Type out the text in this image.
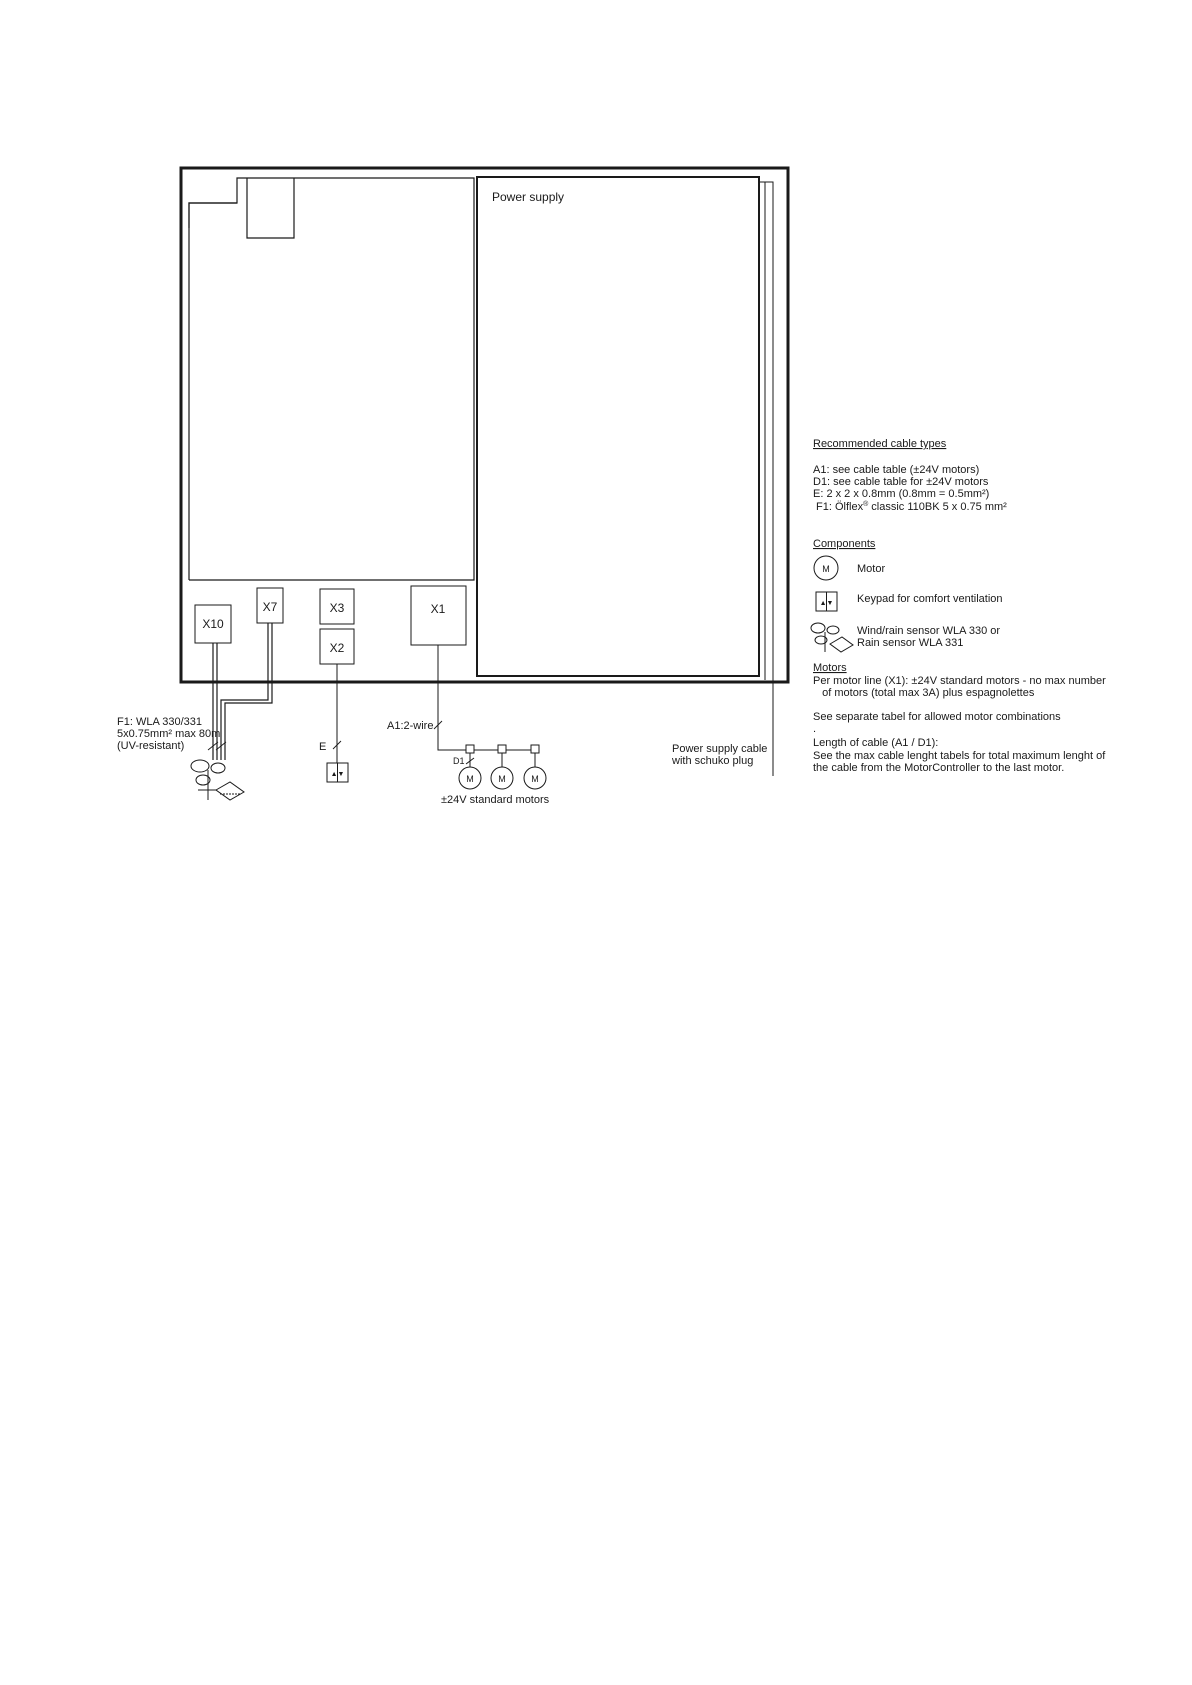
Power supply
X10
X7	X3
X2
X1
F1: WLA 330/331
5x0.75mm² max 80m
(UV-resistant)	E
A1:2-wire
D1
M	M	M
±24V standard motors
▲▼
Power supply cable
with schuko plug
Recommended cable types
A1: see cable table (±24V motors)
D1: see cable table for ±24V motors
E: 2 x 2 x 0.8mm (0.8mm = 0.5mm²)
F1: Ölflex® classic 110BK 5 x 0.75 mm²
Components
M Motor
▲▼ Keypad for comfort ventilation
Wind/rain sensor WLA 330 or
Rain sensor WLA 331
Motors
Per motor line (X1): ±24V standard motors - no max number
of motors (total max 3A) plus espagnolettes
See separate tabel for allowed motor combinations
.
Length of cable (A1 / D1):
See the max cable lenght tabels for total maximum lenght of
the cable from the MotorController to the last motor.
